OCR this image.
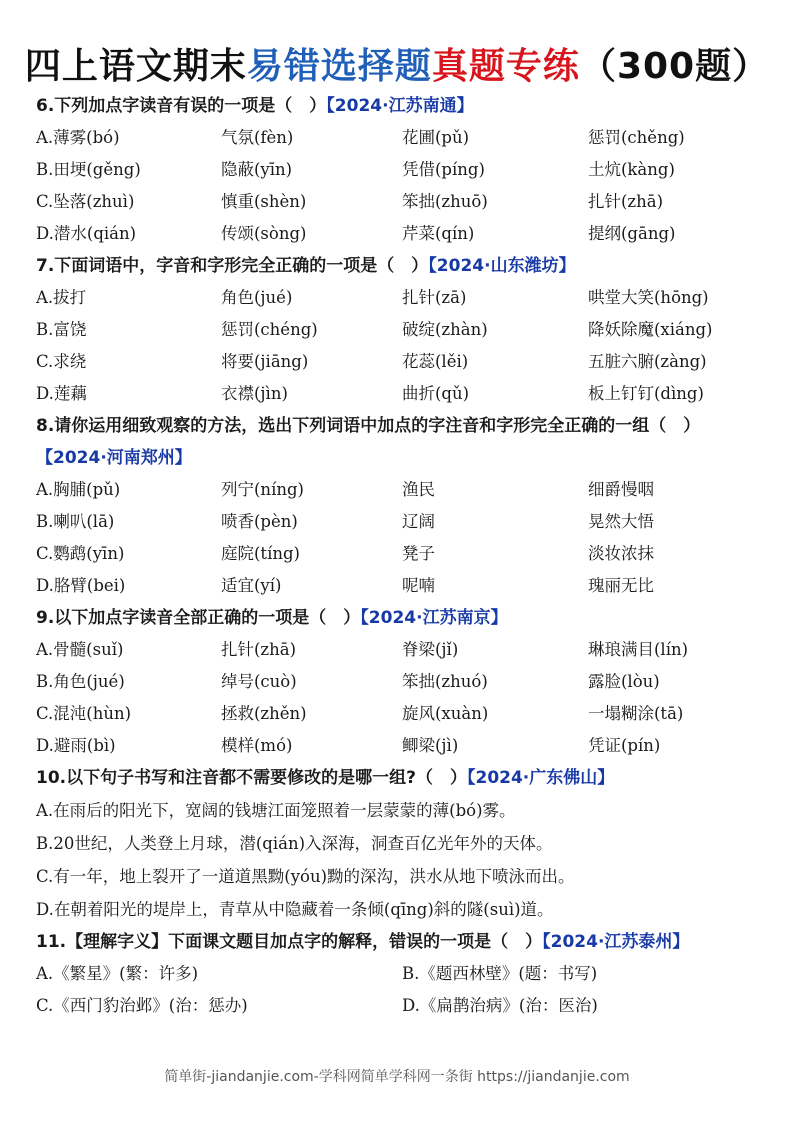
四上语文期末易错选择题真题专练（300题）
6.下列加点字读音有误的一项是（　）【2024·江苏南通】
A.薄雾(bó)	气氛(fèn)	花圃(pǔ)	惩罚(chěng)
B.田埂(gěng)	隐蔽(yīn)	凭借(píng)	土炕(kàng)
C.坠落(zhuì)	慎重(shèn)	笨拙(zhuō)	扎针(zhā)
D.潜水(qián)	传颂(sòng)	芹菜(qín)	提纲(gāng)
7.下面词语中，字音和字形完全正确的一项是（　）【2024·山东潍坊】
A.拔打	角色(jué)	扎针(zā)	哄堂大笑(hōng)
B.富饶	惩罚(chéng)	破绽(zhàn)	降妖除魔(xiáng)
C.求绕	将要(jiāng)	花蕊(lěi)	五脏六腑(zàng)
D.莲藕	衣襟(jìn)	曲折(qǔ)	板上钉钉(dìng)
8.请你运用细致观察的方法，选出下列词语中加点的字注音和字形完全正确的一组（　）【2024·河南郑州】
A.胸脯(pǔ)	列宁(níng)	渔民	细爵慢咽
B.喇叭(lā)	喷香(pèn)	辽阔	晃然大悟
C.鹦鹉(yīn)	庭院(tíng)	凳子	淡妆浓抹
D.胳臂(bei)	适宜(yí)	呢喃	瑰丽无比
9.以下加点字读音全部正确的一项是（　）【2024·江苏南京】
A.骨髓(suǐ)	扎针(zhā)	脊梁(jǐ)	琳琅满目(lín)
B.角色(jué)	绰号(cuò)	笨拙(zhuó)	露脸(lòu)
C.混沌(hùn)	拯救(zhěn)	旋风(xuàn)	一塌糊涂(tā)
D.避雨(bì)	模样(mó)	鲫梁(jì)	凭证(pín)
10.以下句子书写和注音都不需要修改的是哪一组?（　）【2024·广东佛山】
A.在雨后的阳光下，宽阔的钱塘江面笼照着一层蒙蒙的薄(bó)雾。
B.20世纪，人类登上月球，潜(qián)入深海，洞查百亿光年外的天体。
C.有一年，地上裂开了一道道黑黝(yóu)黝的深沟，洪水从地下喷泳而出。
D.在朝着阳光的堤岸上，青草从中隐藏着一条倾(qīng)斜的隧(suì)道。
11.【理解字义】下面课文题目加点字的解释，错误的一项是（　）【2024·江苏泰州】
A.《繁星》(繁：许多)	B.《题西林壁》(题：书写)
C.《西门豹治邺》(治：惩办)	D.《扁鹊治病》(治：医治)
简单街-jiandanjie.com-学科网简单学科网一条街 https://jiandanjie.com
